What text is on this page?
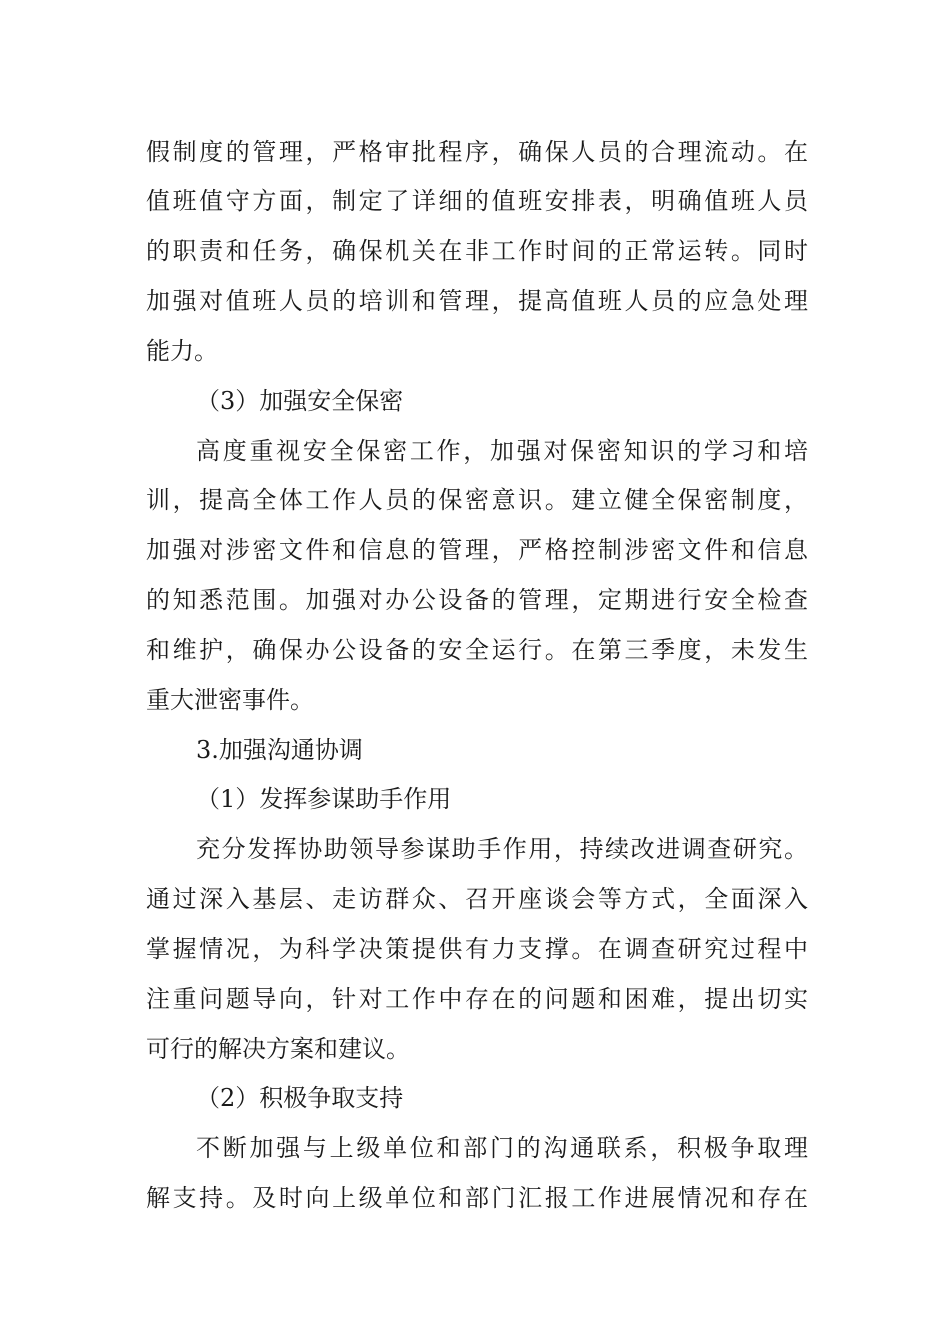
假制度的管理，严格审批程序，确保人员的合理流动。在
值班值守方面，制定了详细的值班安排表，明确值班人员
的职责和任务，确保机关在非工作时间的正常运转。同时
加强对值班人员的培训和管理，提高值班人员的应急处理
能力。
（3）加强安全保密
高度重视安全保密工作，加强对保密知识的学习和培
训，提高全体工作人员的保密意识。建立健全保密制度，
加强对涉密文件和信息的管理，严格控制涉密文件和信息
的知悉范围。加强对办公设备的管理，定期进行安全检查
和维护，确保办公设备的安全运行。在第三季度，未发生
重大泄密事件。
3.加强沟通协调
（1）发挥参谋助手作用
充分发挥协助领导参谋助手作用，持续改进调查研究。
通过深入基层、走访群众、召开座谈会等方式，全面深入
掌握情况，为科学决策提供有力支撑。在调查研究过程中
注重问题导向，针对工作中存在的问题和困难，提出切实
可行的解决方案和建议。
（2）积极争取支持
不断加强与上级单位和部门的沟通联系，积极争取理
解支持。及时向上级单位和部门汇报工作进展情况和存在
